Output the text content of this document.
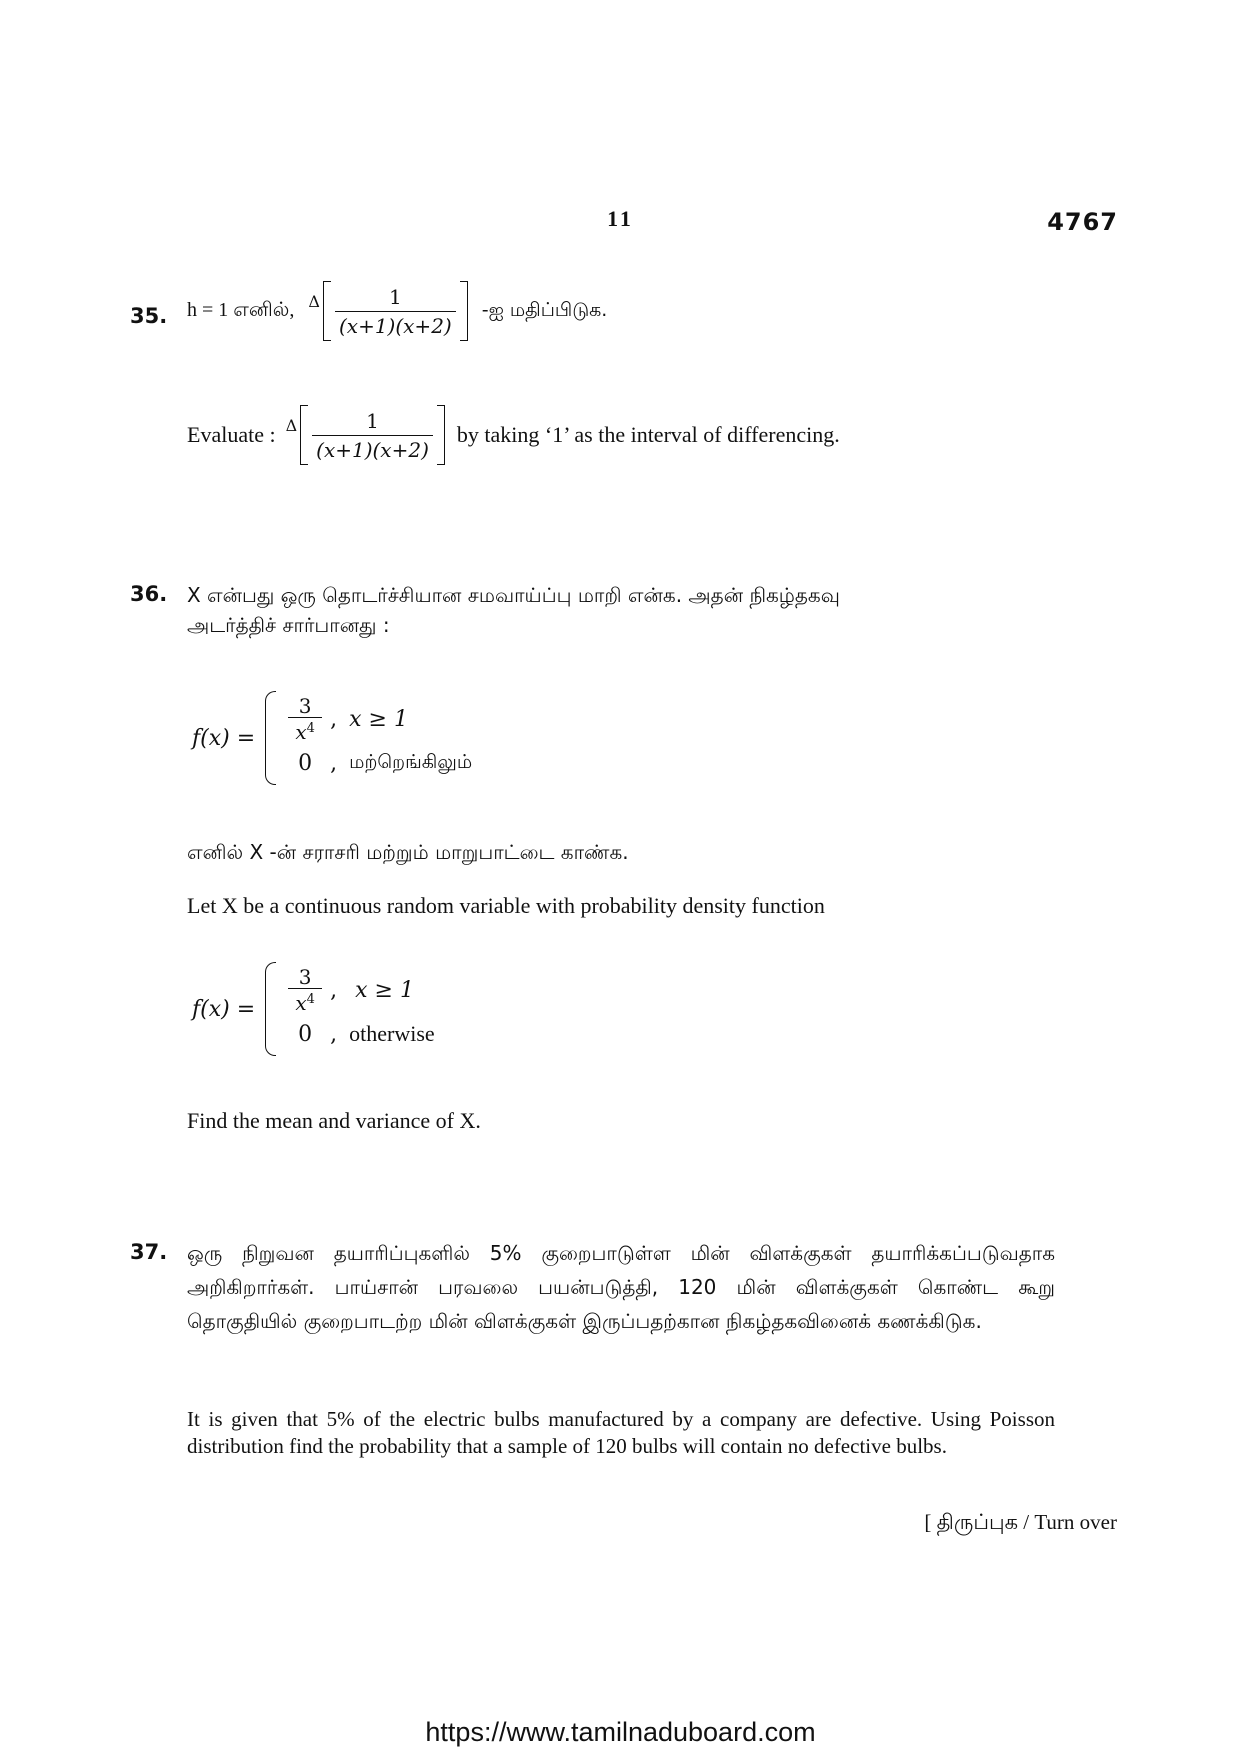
11	4767
35. h = 1 எனில், Δ $\frac{1}{(x+1)(x+2)}$ -ஐ மதிப்பிடுக.
Evaluate : Δ $\frac{1}{(x+1)(x+2)}$ by taking ‘1’ as the interval of differencing.
36. X என்பது ஒரு தொடர்ச்சியான சமவாய்ப்பு மாறி என்க. அதன் நிகழ்தகவு
அடர்த்திச் சார்பானது :
$f(x) = \frac{3}{x^4}$ , x ≥ 1
0 , மற்றெங்கிலும்
எனில் X -ன் சராசரி மற்றும் மாறுபாட்டை காண்க.
Let X be a continuous random variable with probability density function
$f(x) = \frac{3}{x^4}$ , x ≥ 1
0 , otherwise
Find the mean and variance of X.
37. ஒரு நிறுவன தயாரிப்புகளில் 5% குறைபாடுள்ள மின் விளக்குகள் தயாரிக்கப்படுவதாக அறிகிறார்கள். பாய்சான் பரவலை பயன்படுத்தி, 120 மின் விளக்குகள் கொண்ட கூறு தொகுதியில் குறைபாடற்ற மின் விளக்குகள் இருப்பதற்கான நிகழ்தகவினைக் கணக்கிடுக.
It is given that 5% of the electric bulbs manufactured by a company are defective. Using Poisson distribution find the probability that a sample of 120 bulbs will contain no defective bulbs.
[ திருப்புக / Turn over
https://www.tamilnaduboard.com
